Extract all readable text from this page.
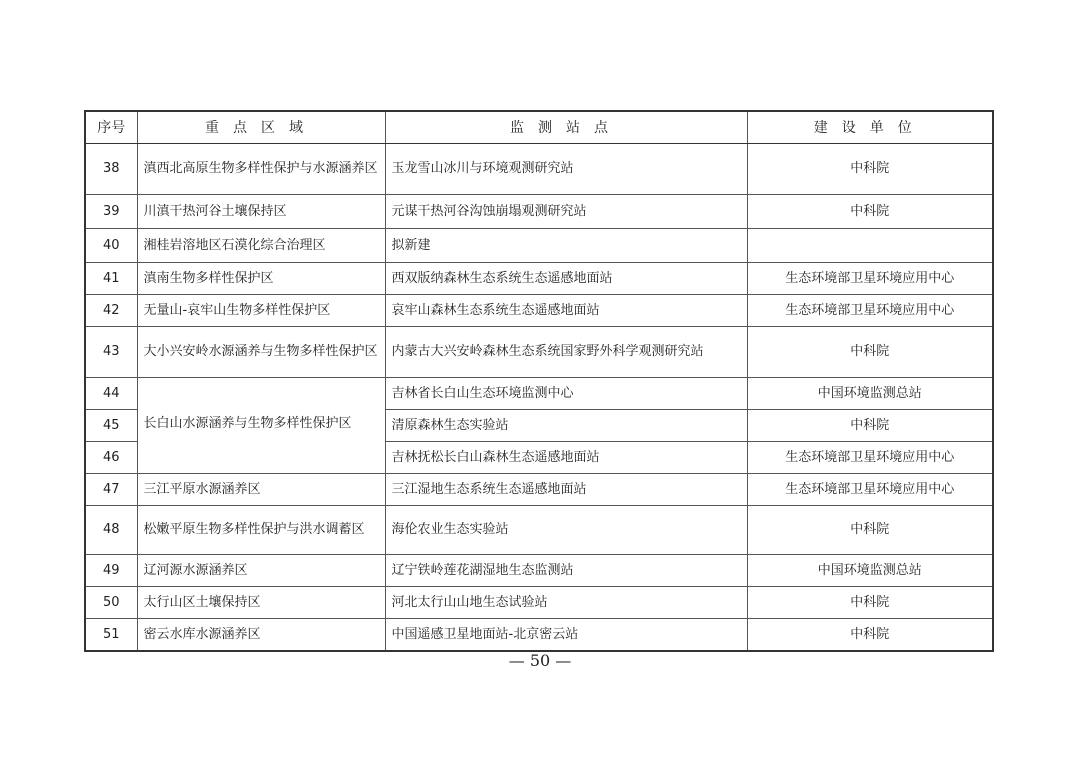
序号	重点区域	监测站点	建设单位
38	滇西北高原生物多样性保护与水源涵养区	玉龙雪山冰川与环境观测研究站	中科院
39	川滇干热河谷土壤保持区	元谋干热河谷沟蚀崩塌观测研究站	中科院
40	湘桂岩溶地区石漠化综合治理区	拟新建	
41	滇南生物多样性保护区	西双版纳森林生态系统生态遥感地面站	生态环境部卫星环境应用中心
42	无量山-哀牢山生物多样性保护区	哀牢山森林生态系统生态遥感地面站	生态环境部卫星环境应用中心
43	大小兴安岭水源涵养与生物多样性保护区	内蒙古大兴安岭森林生态系统国家野外科学观测研究站	中科院
44	长白山水源涵养与生物多样性保护区	吉林省长白山生态环境监测中心	中国环境监测总站
45		清原森林生态实验站	中科院
46		吉林抚松长白山森林生态遥感地面站	生态环境部卫星环境应用中心
47	三江平原水源涵养区	三江湿地生态系统生态遥感地面站	生态环境部卫星环境应用中心
48	松嫩平原生物多样性保护与洪水调蓄区	海伦农业生态实验站	中科院
49	辽河源水源涵养区	辽宁铁岭莲花湖湿地生态监测站	中国环境监测总站
50	太行山区土壤保持区	河北太行山山地生态试验站	中科院
51	密云水库水源涵养区	中国遥感卫星地面站-北京密云站	中科院
— 50 —
